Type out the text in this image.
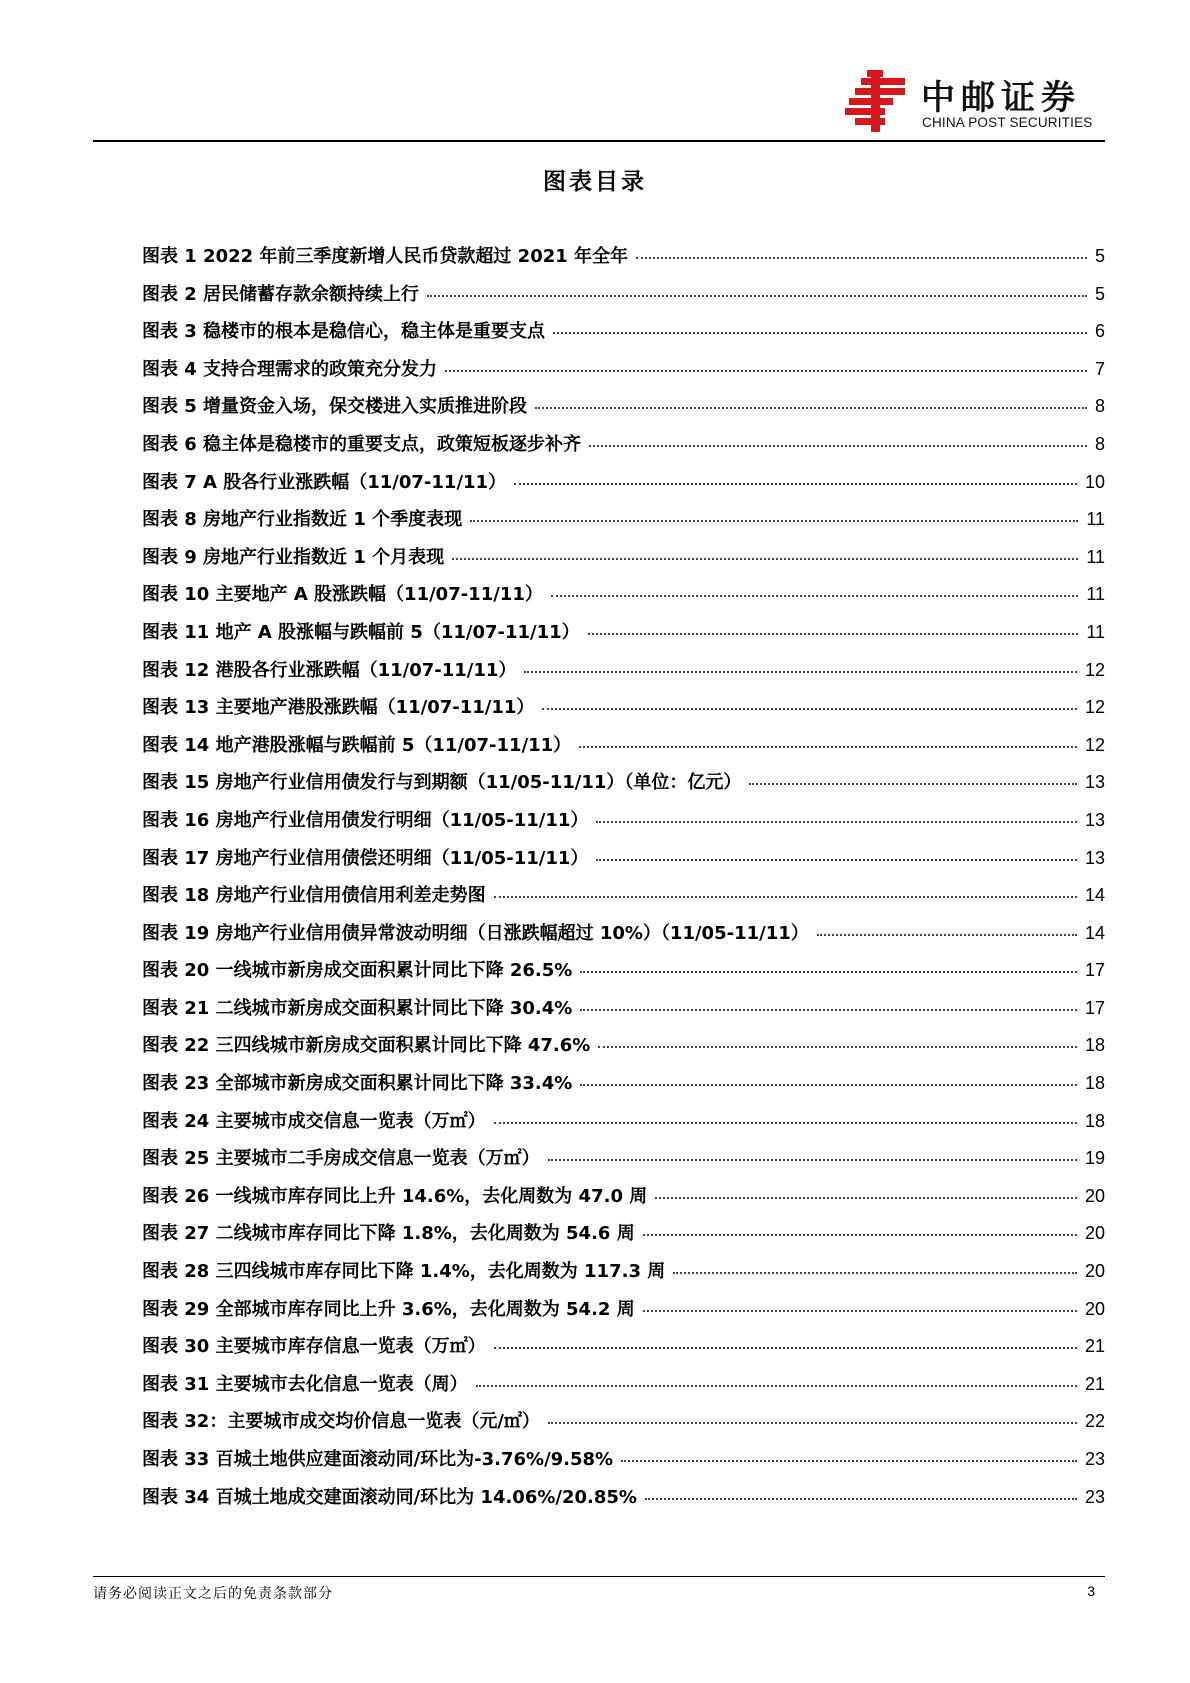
中邮证券
CHINA POST SECURITIES
图表目录
图表 1 2022 年前三季度新增人民币贷款超过 2021 年全年	5
图表 2 居民储蓄存款余额持续上行	5
图表 3 稳楼市的根本是稳信心，稳主体是重要支点	6
图表 4 支持合理需求的政策充分发力	7
图表 5 增量资金入场，保交楼进入实质推进阶段	8
图表 6 稳主体是稳楼市的重要支点，政策短板逐步补齐	8
图表 7 A 股各行业涨跌幅（11/07-11/11）	10
图表 8 房地产行业指数近 1 个季度表现	11
图表 9 房地产行业指数近 1 个月表现	11
图表 10 主要地产 A 股涨跌幅（11/07-11/11）	11
图表 11 地产 A 股涨幅与跌幅前 5（11/07-11/11）	11
图表 12 港股各行业涨跌幅（11/07-11/11）	12
图表 13 主要地产港股涨跌幅（11/07-11/11）	12
图表 14 地产港股涨幅与跌幅前 5（11/07-11/11）	12
图表 15 房地产行业信用债发行与到期额（11/05-11/11）（单位：亿元）	13
图表 16 房地产行业信用债发行明细（11/05-11/11）	13
图表 17 房地产行业信用债偿还明细（11/05-11/11）	13
图表 18 房地产行业信用债信用利差走势图	14
图表 19 房地产行业信用债异常波动明细（日涨跌幅超过 10%）（11/05-11/11）	14
图表 20 一线城市新房成交面积累计同比下降 26.5%	17
图表 21 二线城市新房成交面积累计同比下降 30.4%	17
图表 22 三四线城市新房成交面积累计同比下降 47.6%	18
图表 23 全部城市新房成交面积累计同比下降 33.4%	18
图表 24 主要城市成交信息一览表（万㎡）	18
图表 25 主要城市二手房成交信息一览表（万㎡）	19
图表 26 一线城市库存同比上升 14.6%，去化周数为 47.0 周	20
图表 27 二线城市库存同比下降 1.8%，去化周数为 54.6 周	20
图表 28 三四线城市库存同比下降 1.4%，去化周数为 117.3 周	20
图表 29 全部城市库存同比上升 3.6%，去化周数为 54.2 周	20
图表 30 主要城市库存信息一览表（万㎡）	21
图表 31 主要城市去化信息一览表（周）	21
图表 32：主要城市成交均价信息一览表（元/㎡）	22
图表 33 百城土地供应建面滚动同/环比为-3.76%/9.58%	23
图表 34 百城土地成交建面滚动同/环比为 14.06%/20.85%	23
请务必阅读正文之后的免责条款部分	3
